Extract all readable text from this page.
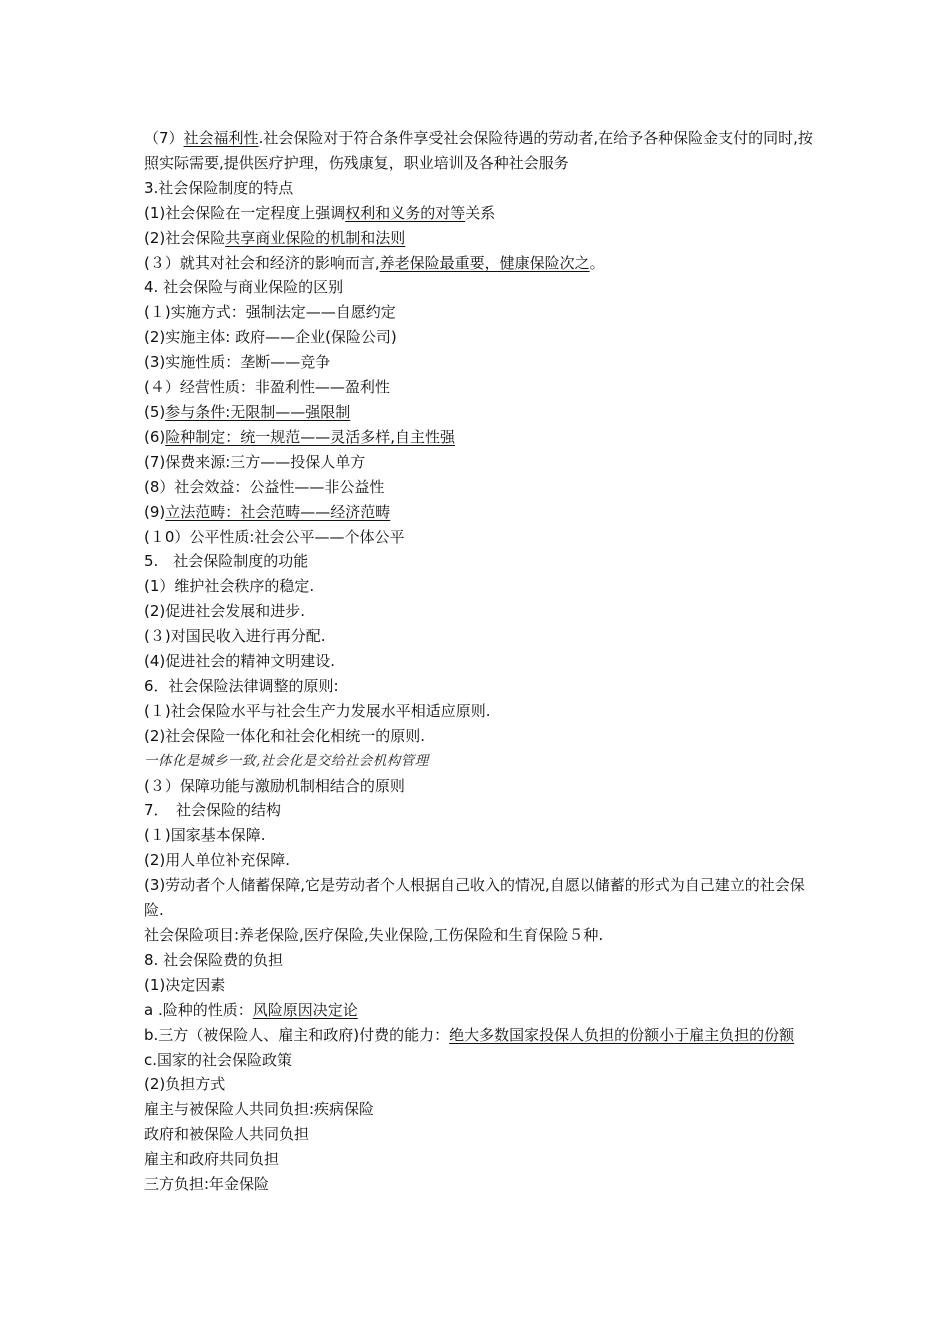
（7）社会福利性.社会保险对于符合条件享受社会保险待遇的劳动者,在给予各种保险金支付的同时,按照实际需要,提供医疗护理，伤残康复，职业培训及各种社会服务
3.社会保险制度的特点
(1)社会保险在一定程度上强调权利和义务的对等关系
(2)社会保险共享商业保险的机制和法则
(３）就其对社会和经济的影响而言,养老保险最重要，健康保险次之。
4. 社会保险与商业保险的区别
(１)实施方式：强制法定——自愿约定
(2)实施主体: 政府——企业(保险公司)
(3)实施性质：垄断——竞争
(４）经营性质：非盈利性——盈利性
(5)参与条件:无限制——强限制
(6)险种制定：统一规范——灵活多样,自主性强
(7)保费来源:三方——投保人单方
(8）社会效益：公益性——非公益性
(9)立法范畴：社会范畴——经济范畴
(１0）公平性质:社会公平——个体公平
5.　社会保险制度的功能
(1）维护社会秩序的稳定.
(2)促进社会发展和进步.
(３)对国民收入进行再分配.
(4)促进社会的精神文明建设.
6．社会保险法律调整的原则:
(１)社会保险水平与社会生产力发展水平相适应原则.
(2)社会保险一体化和社会化相统一的原则.
一体化是城乡一致,社会化是交给社会机构管理
(３）保障功能与激励机制相结合的原则
7．　社会保险的结构
(１)国家基本保障.
(2)用人单位补充保障.
(3)劳动者个人储蓄保障,它是劳动者个人根据自己收入的情况,自愿以储蓄的形式为自己建立的社会保险.
社会保险项目:养老保险,医疗保险,失业保险,工伤保险和生育保险５种.
8. 社会保险费的负担
(1)决定因素
a .险种的性质：风险原因决定论
b.三方（被保险人、雇主和政府)付费的能力：绝大多数国家投保人负担的份额小于雇主负担的份额
c.国家的社会保险政策
(2)负担方式
雇主与被保险人共同负担:疾病保险
政府和被保险人共同负担
雇主和政府共同负担
三方负担:年金保险
